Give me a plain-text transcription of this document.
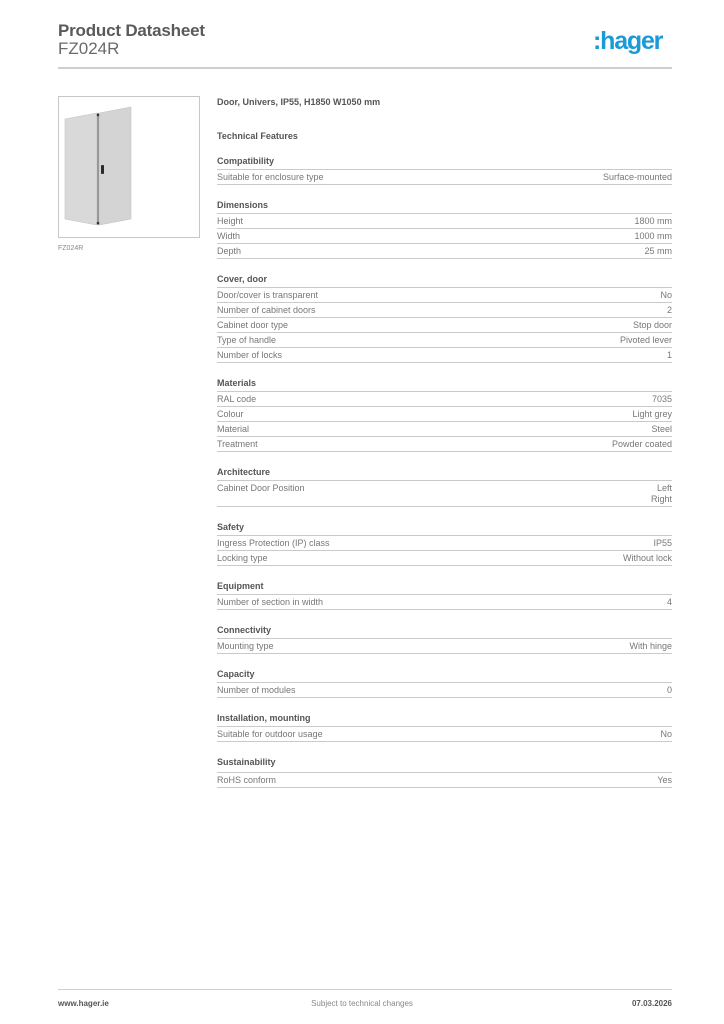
Product Datasheet
FZ024R	:hager
FZ024R
Door, Univers, IP55, H1850 W1050 mm
Technical Features
Compatibility
Suitable for enclosure type	Surface-mounted
Dimensions
Height	1800 mm
Width	1000 mm
Depth	25 mm
Cover, door
Door/cover is transparent	No
Number of cabinet doors	2
Cabinet door type	Stop door
Type of handle	Pivoted lever
Number of locks	1
Materials
RAL code	7035
Colour	Light grey
Material	Steel
Treatment	Powder coated
Architecture
Cabinet Door Position	Left
Right
Safety
Ingress Protection (IP) class	IP55
Locking type	Without lock
Equipment
Number of section in width	4
Connectivity
Mounting type	With hinge
Capacity
Number of modules	0
Installation, mounting
Suitable for outdoor usage	No
Sustainability
RoHS conform	Yes
www.hager.ie	Subject to technical changes	07.03.2026
